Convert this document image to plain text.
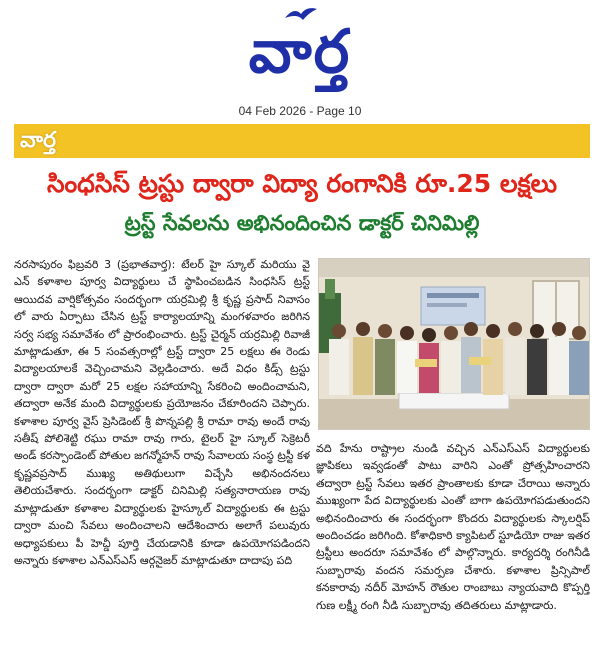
వార్త
04 Feb 2026 - Page 10
వార్త
సింధసిస్ ట్రస్టు ద్వారా విద్యా రంగానికి రూ.25 లక్షలు
ట్రస్ట్ సేవలను అభినందించిన డాక్టర్ చినిమిల్లి
నరసాపురం ఫిబ్రవరి 3 (ప్రభాతవార్త): టేలర్ హై స్కూల్ మరియు వై ఎన్ కళాశాల పూర్వ విద్యార్థులు చే స్థాపించబడిన సింధసిస్ ట్రస్ట్ ఆయిదవ వార్షికోత్సవం సందర్భంగా యర్రమిల్లి శ్రీ కృష్ణ ప్రసాద్ నివాసం లో వారు ఏర్పాటు చేసిన ట్రస్ట్ కార్యాలయాన్ని మంగళవారం జరిగిన సర్వ సభ్య సమావేశం లో ప్రారంభించారు. ట్రస్ట్ చైర్మన్ యర్రమిల్లి రివాజీ మాట్లాడుతూ, ఈ 5 సంవత్సరాల్లో ట్రస్ట్ ద్వారా 25 లక్షలు ఈ రెండు విద్యాలయాలకే వెచ్చించామని వెల్లడించారు. అదే విధం కిడ్స్ ట్రస్టు ద్వారా ద్వారా మరో 25 లక్షల సహాయాన్ని సేకరించి అందించామని, తద్వారా అనేక మంది విద్యార్థులకు ప్రయోజనం చేకూరిందని చెప్పారు. కళాశాల పూర్వ వైస్ ప్రెసిడెంట్ శ్రీ పొన్నపల్లి శ్రీ రామా రావు అందే రావు సతీష్ పోలిశెట్టి రఘు రామా రావు గారు, టైలర్ హై స్కూల్ సెక్రెటరీ అండ్ కరస్పాండెంట్ పోతుల జగన్మోహన్ రావు సేవాలయ సంస్థ ట్రస్టీ కళ కృష్ణవప్రసాద్ ముఖ్య అతిథులుగా విచ్చేసి అభినందనలు తెలియచేశారు. సందర్భంగా డాక్టర్ చినిమిల్లి సత్యనారాయణ రావు మాట్లాడుతూ కళాశాల విద్యార్థులకు హైస్కూల్ విద్యార్థులకు ఈ ట్రస్టు ద్వారా మంచి సేవలు అందించాలని ఆదేశించారు అలాగే పలువురు అధ్యాపకులు పీ హెచ్డీ పూర్తి చేయడానికి కూడా ఉపయోగపడిందని అన్నారు కళాశాల ఎన్ఎస్ఎస్ ఆర్గనైజర్ మాట్లాడుతూ దాదాపు పది
వది హేను రాష్ట్రాల నుండి వచ్చిన ఎన్ఎస్ఎస్ విద్యార్థులకు జ్ఞాపికలు ఇవ్వడంతో పాటు వారిని ఎంతో ప్రోత్సహించారని తద్వారా ట్రస్ట్ సేవలు ఇతర ప్రాంతాలకు కూడా చేరాయి అన్నారు ముఖ్యంగా పేద విద్యార్థులకు ఎంతో బాగా ఉపయోగపడుతుందని అభినందించారు ఈ సందర్భంగా కొందరు విద్యార్థులకు స్కాలర్షిప్ అందించడం జరిగింది. కోశాధికారి క్యాపిటల్ స్టూడియో రాజు ఇతర ట్రస్టీలు అందరూ సమావేశం లో పాల్గొన్నారు. కార్యదర్శి రంగినీడి సుబ్బారావు వందన సమర్పణ చేశారు. కళాశాల ప్రిన్సిపాల్ కనకారావు నదీర్ మోహన్ రౌతుల రాంబాబు న్యాయవాది కొప్పర్తి గుణ లక్ష్మీ రంగి నీడి సుబ్బారావు తదితరులు మాట్లాడారు.
